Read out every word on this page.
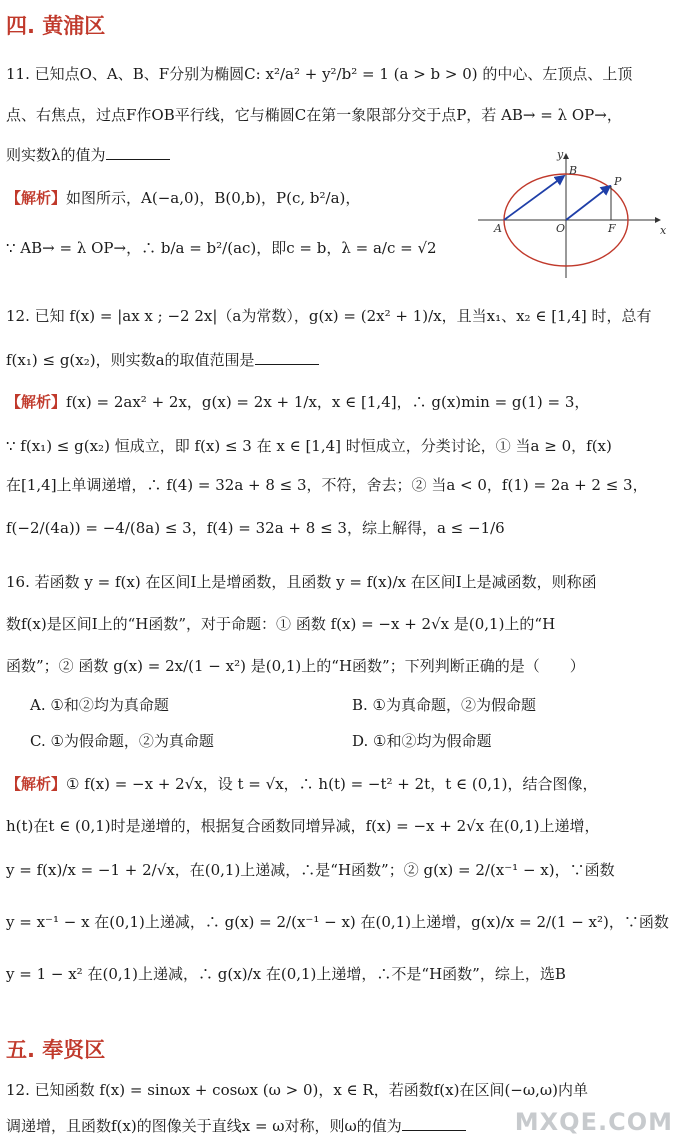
四. 黄浦区
11. 已知点O、A、B、F分别为椭圆C: x²/a² + y²/b² = 1 (a > b > 0) 的中心、左顶点、上顶
点、右焦点，过点F作OB平行线，它与椭圆C在第一象限部分交于点P，若 AB→ = λ OP→，
则实数λ的值为
【解析】如图所示，A(−a,0)，B(0,b)，P(c, b²/a)，
∵ AB→ = λ OP→，∴ b/a = b²/(ac)，即c = b，λ = a/c = √2
x
y
A	O	F
B
P
12. 已知 f(x) = |ax x ; −2 2x|（a为常数），g(x) = (2x² + 1)/x，且当x₁、x₂ ∈ [1,4] 时，总有
f(x₁) ≤ g(x₂)，则实数a的取值范围是
【解析】f(x) = 2ax² + 2x，g(x) = 2x + 1/x，x ∈ [1,4]，∴ g(x)min = g(1) = 3，
∵ f(x₁) ≤ g(x₂) 恒成立，即 f(x) ≤ 3 在 x ∈ [1,4] 时恒成立，分类讨论，① 当a ≥ 0，f(x)
在[1,4]上单调递增，∴ f(4) = 32a + 8 ≤ 3，不符，舍去；② 当a < 0，f(1) = 2a + 2 ≤ 3，
f(−2/(4a)) = −4/(8a) ≤ 3，f(4) = 32a + 8 ≤ 3，综上解得，a ≤ −1/6
16. 若函数 y = f(x) 在区间I上是增函数，且函数 y = f(x)/x 在区间I上是减函数，则称函
数f(x)是区间I上的“H函数”，对于命题：① 函数 f(x) = −x + 2√x 是(0,1)上的“H
函数”；② 函数 g(x) = 2x/(1 − x²) 是(0,1)上的“H函数”；下列判断正确的是（　　）
A. ①和②均为真命题	B. ①为真命题，②为假命题
C. ①为假命题，②为真命题	D. ①和②均为假命题
【解析】① f(x) = −x + 2√x，设 t = √x，∴ h(t) = −t² + 2t，t ∈ (0,1)，结合图像，
h(t)在t ∈ (0,1)时是递增的，根据复合函数同增异减，f(x) = −x + 2√x 在(0,1)上递增，
y = f(x)/x = −1 + 2/√x，在(0,1)上递减，∴是“H函数”；② g(x) = 2/(x⁻¹ − x)，∵函数
y = x⁻¹ − x 在(0,1)上递减，∴ g(x) = 2/(x⁻¹ − x) 在(0,1)上递增，g(x)/x = 2/(1 − x²)，∵函数
y = 1 − x² 在(0,1)上递减，∴ g(x)/x 在(0,1)上递增，∴不是“H函数”，综上，选B
五. 奉贤区
12. 已知函数 f(x) = sinωx + cosωx (ω > 0)，x ∈ R，若函数f(x)在区间(−ω,ω)内单
调递增，且函数f(x)的图像关于直线x = ω对称，则ω的值为	MXQE.COM
